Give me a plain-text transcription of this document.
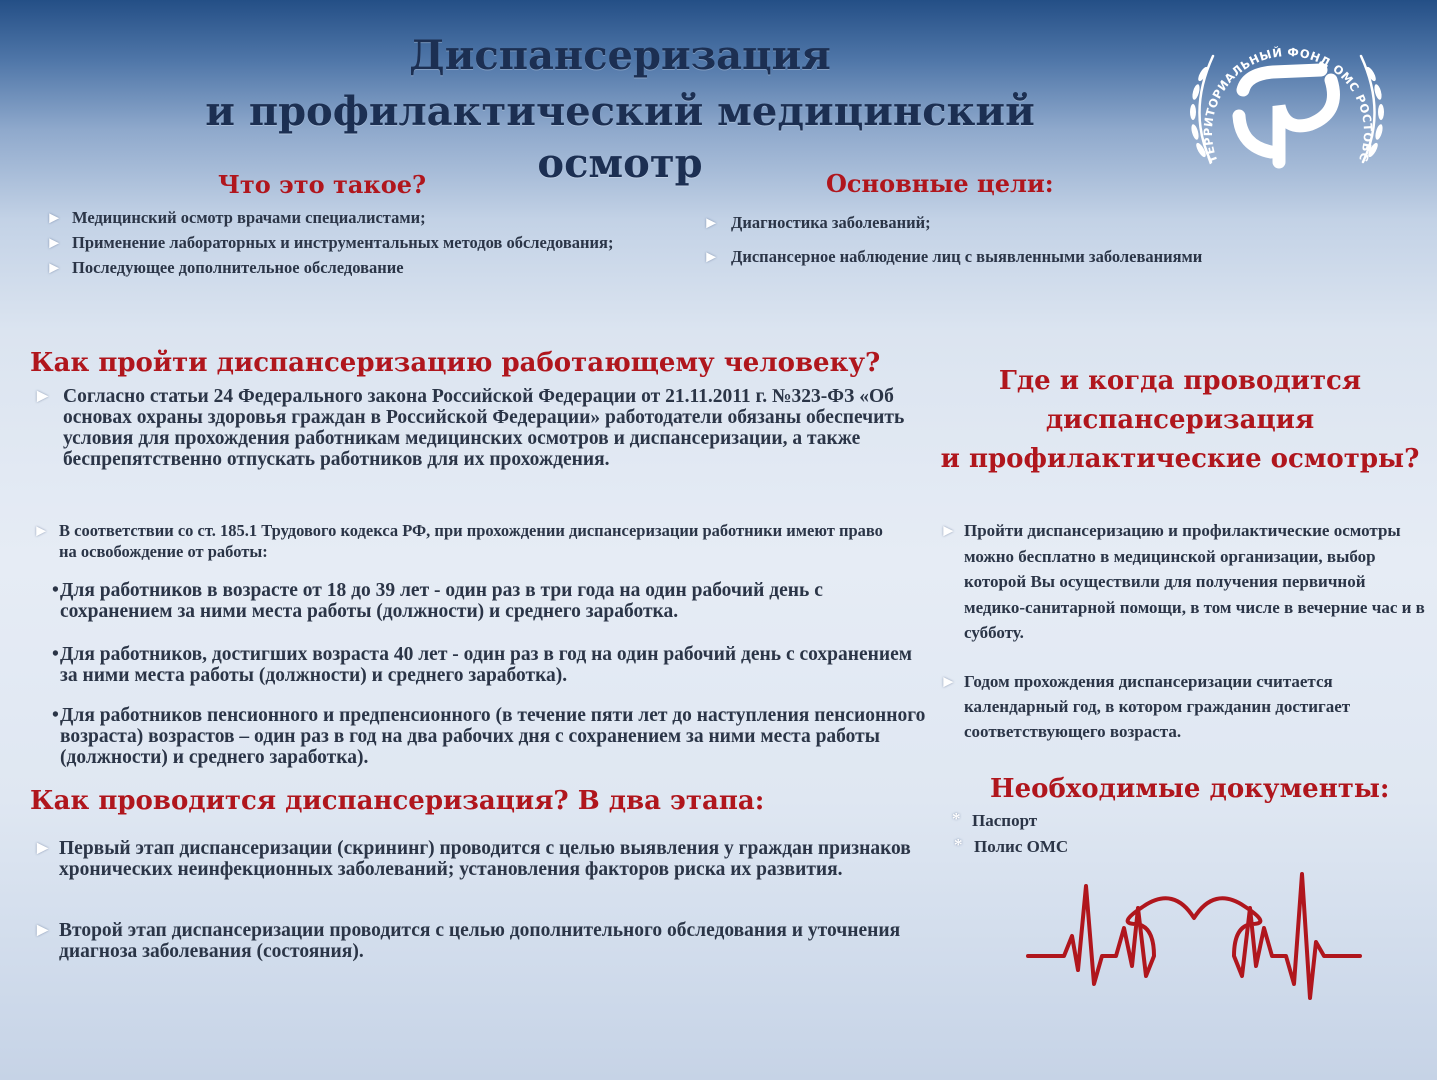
Диспансеризация
и профилактический медицинский осмотр	ТЕРРИТОРИАЛЬНЫЙ ФОНД ОМС РОСТОВС
Что это такое?
► Медицинский осмотр врачами специалистами;
► Применение лабораторных и инструментальных методов обследования;
► Последующее дополнительное обследование
Основные цели:
► Диагностика заболеваний;
► Диспансерное наблюдение лиц с выявленными заболеваниями
Как пройти диспансеризацию работающему человеку?
► Согласно статьи 24 Федерального закона Российской Федерации от 21.11.2011 г. №323-ФЗ «Об основах охраны здоровья граждан в Российской Федерации» работодатели обязаны обеспечить условия для прохождения работникам медицинских осмотров и диспансеризации, а также беспрепятственно отпускать работников для их прохождения.
► В соответствии со ст. 185.1 Трудового кодекса РФ, при прохождении диспансеризации работники имеют право на освобождение от работы:
• Для работников в возрасте от 18 до 39 лет - один раз в три года на один рабочий день с сохранением за ними места работы (должности) и среднего заработка.
• Для работников, достигших возраста 40 лет - один раз в год на один рабочий день с сохранением за ними места работы (должности) и среднего заработка).
• Для работников пенсионного и предпенсионного (в течение пяти лет до наступления пенсионного возраста) возрастов – один раз в год на два рабочих дня с сохранением за ними места работы (должности) и среднего заработка).
Как проводится диспансеризация? В два этапа:
► Первый этап диспансеризации (скрининг) проводится с целью выявления у граждан признаков хронических неинфекционных заболеваний; установления факторов риска их развития.
► Второй этап диспансеризации проводится с целью дополнительного обследования и уточнения диагноза заболевания (состояния).
Где и когда проводится
диспансеризация
и профилактические осмотры?
► Пройти диспансеризацию и профилактические осмотры можно бесплатно в медицинской организации, выбор которой Вы осуществили для получения первичной медико-санитарной помощи, в том числе в вечерние час и в субботу.
► Годом прохождения диспансеризации считается календарный год, в котором гражданин достигает соответствующего возраста.
Необходимые документы:
* Паспорт
* Полис ОМС
